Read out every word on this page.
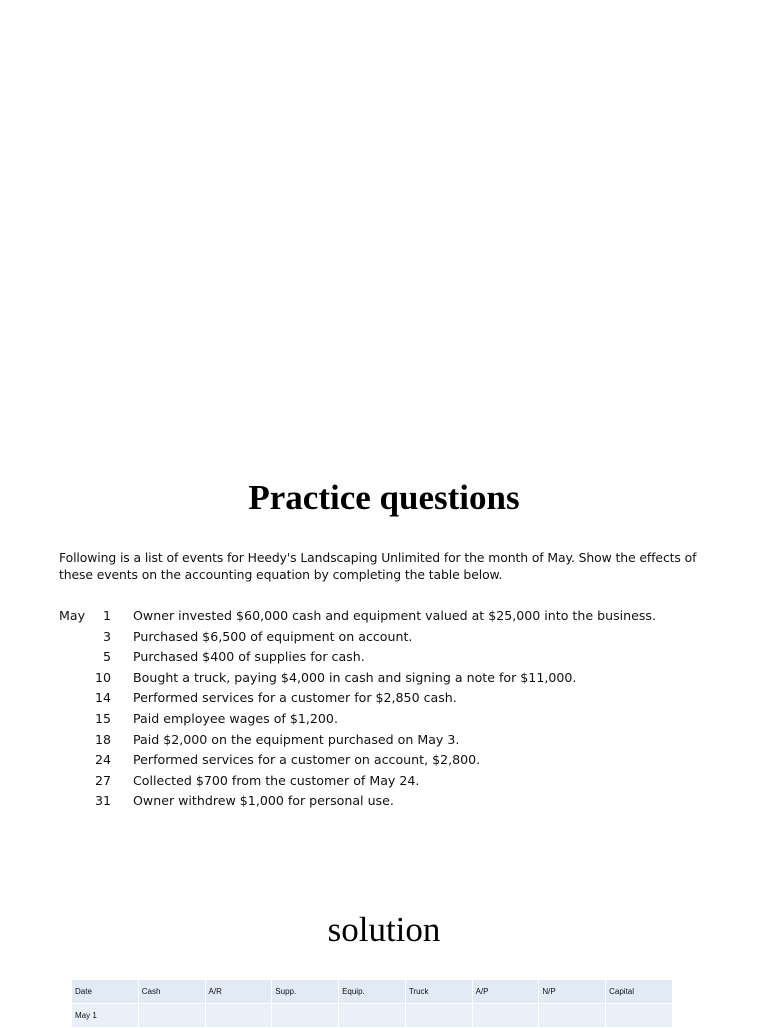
Practice questions
Following is a list of events for Heedy's Landscaping Unlimited for the month of May. Show the effects of these events on the accounting equation by completing the table below.
May	1 Owner invested $60,000 cash and equipment valued at $25,000 into the business.
3 Purchased $6,500 of equipment on account.
5 Purchased $400 of supplies for cash.
10 Bought a truck, paying $4,000 in cash and signing a note for $11,000.
14 Performed services for a customer for $2,850 cash.
15 Paid employee wages of $1,200.
18 Paid $2,000 on the equipment purchased on May 3.
24 Performed services for a customer on account, $2,800.
27 Collected $700 from the customer of May 24.
31 Owner withdrew $1,000 for personal use.
solution
Date	Cash	A/R	Supp.	Equip.	Truck	A/P	N/P	Capital
May 1								
